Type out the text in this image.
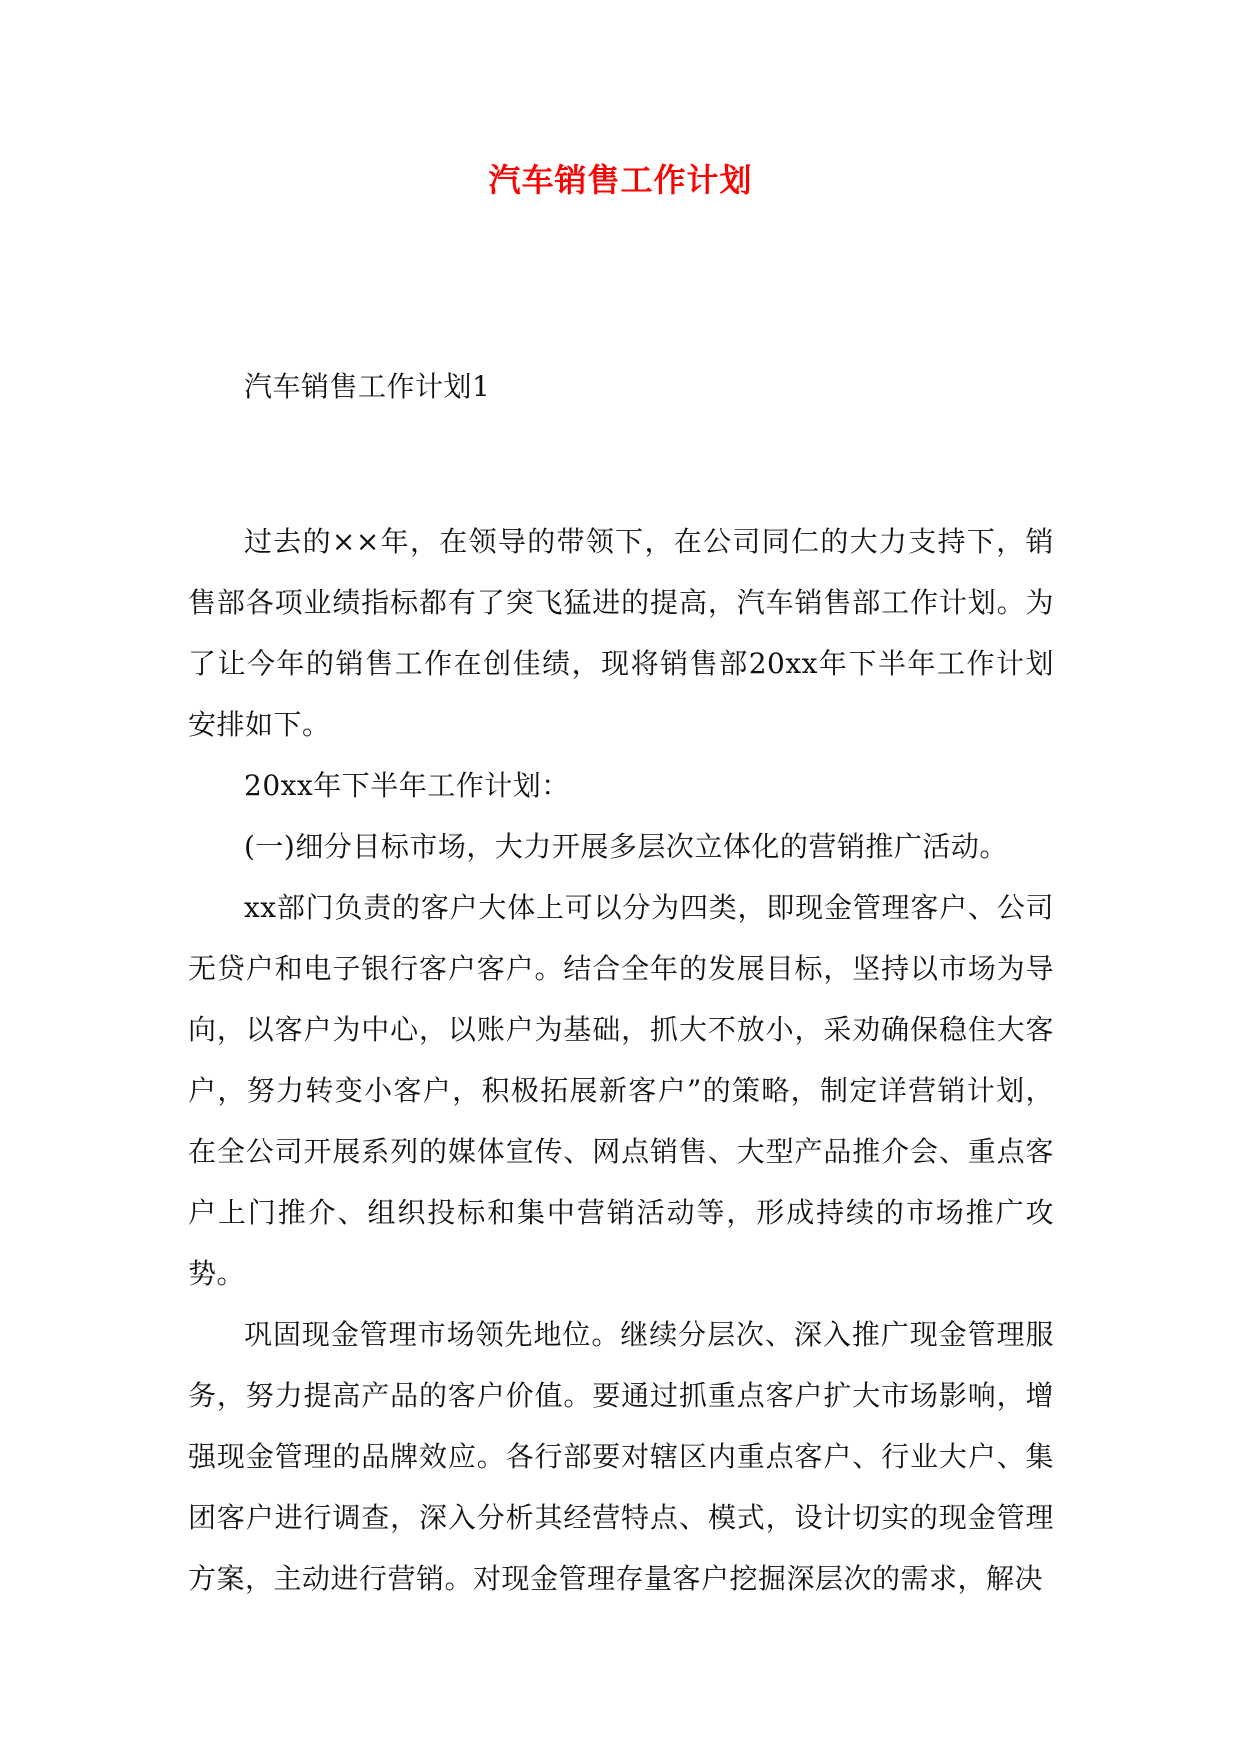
汽车销售工作计划

汽车销售工作计划1

过去的××年，在领导的带领下，在公司同仁的大力支持下，销售部各项业绩指标都有了突飞猛进的提高，汽车销售部工作计划。为了让今年的销售工作在创佳绩，现将销售部20xx年下半年工作计划安排如下。

20xx年下半年工作计划：

(一)细分目标市场，大力开展多层次立体化的营销推广活动。

xx部门负责的客户大体上可以分为四类，即现金管理客户、公司无贷户和电子银行客户客户。结合全年的发展目标，坚持以市场为导向，以客户为中心，以账户为基础，抓大不放小，采劝确保稳住大客户，努力转变小客户，积极拓展新客户”的策略，制定详营销计划，在全公司开展系列的媒体宣传、网点销售、大型产品推介会、重点客户上门推介、组织投标和集中营销活动等，形成持续的市场推广攻势。

巩固现金管理市场领先地位。继续分层次、深入推广现金管理服务，努力提高产品的客户价值。要通过抓重点客户扩大市场影响，增强现金管理的品牌效应。各行部要对辖区内重点客户、行业大户、集团客户进行调查，深入分析其经营特点、模式，设计切实的现金管理方案，主动进行营销。对现金管理存量客户挖掘深层次的需求，解决
